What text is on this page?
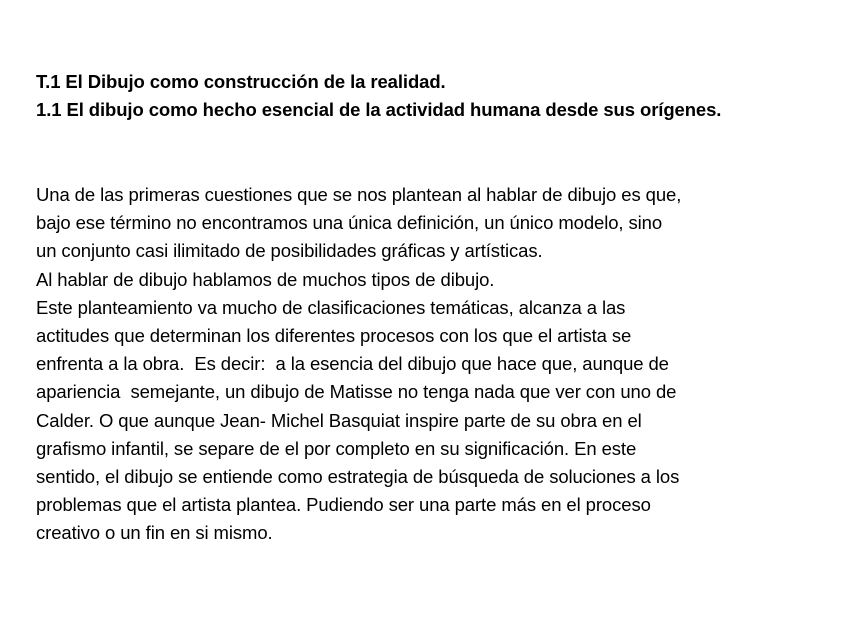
T.1 El Dibujo como construcción de la realidad.
1.1 El dibujo como hecho esencial de la actividad humana desde sus orígenes.
Una de las primeras cuestiones que se nos plantean al hablar de dibujo es que,
bajo ese término no encontramos una única definición, un único modelo, sino
un conjunto casi ilimitado de posibilidades gráficas y artísticas.
Al hablar de dibujo hablamos de muchos tipos de dibujo.
Este planteamiento va mucho de clasificaciones temáticas, alcanza a las
actitudes que determinan los diferentes procesos con los que el artista se
enfrenta a la obra.  Es decir:  a la esencia del dibujo que hace que, aunque de
apariencia  semejante, un dibujo de Matisse no tenga nada que ver con uno de
Calder. O que aunque Jean- Michel Basquiat inspire parte de su obra en el
grafismo infantil, se separe de el por completo en su significación. En este
sentido, el dibujo se entiende como estrategia de búsqueda de soluciones a los
problemas que el artista plantea. Pudiendo ser una parte más en el proceso
creativo o un fin en si mismo.
